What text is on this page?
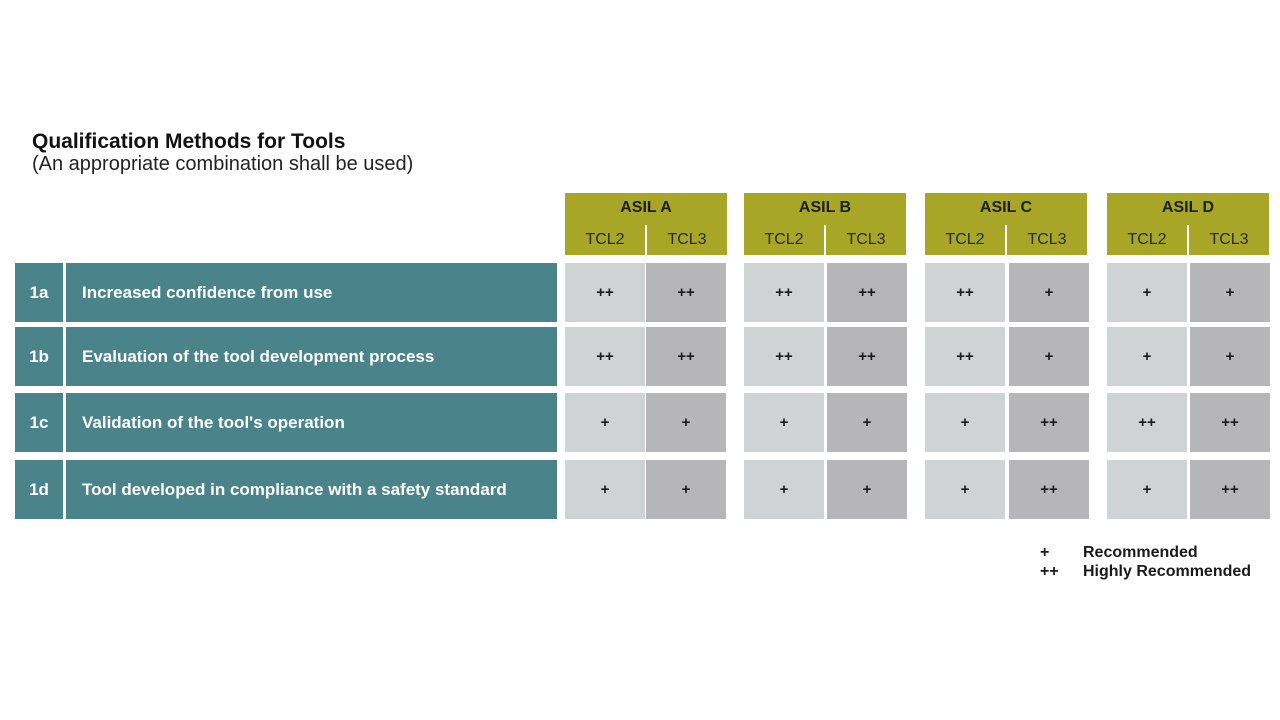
Qualification Methods for Tools
(An appropriate combination shall be used)
ASIL A
TCL2	TCL3
ASIL B
TCL2	TCL3
ASIL C
TCL2	TCL3
ASIL D
TCL2	TCL3
1a	Increased confidence from use	++	++	++	++	++	+	+	+
1b	Evaluation of the tool development process	++	++	++	++	++	+	+	+
1c	Validation of the tool's operation	+	+	+	+	+	++	++	++
1d	Tool developed in compliance with a safety standard	+	+	+	+	+	++	+	++
+	Recommended
++	Highly Recommended
